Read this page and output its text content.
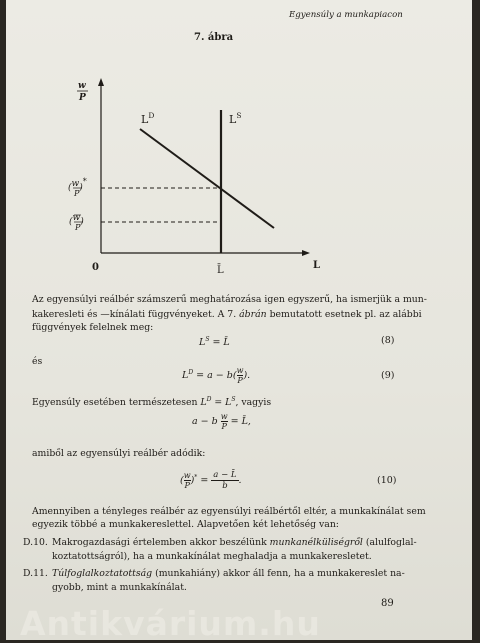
Egyensúly a munkapiacon
7. ábra
w
P
$L^D$	$L^S$
(w)*
P
(w)
P
0	L̄	L
Az egyensúlyi reálbér számszerű meghatározása igen egyszerű, ha ismerjük a mun-
kakeresleti és —kínálati függvényeket. A 7. ábrán bemutatott esetnek pl. az alábbi
függvények felelnek meg:
$L^S$ = L̄	(8)
és
$L^D = a - b( \frac{w}{P}$ ).	(9)
Egyensúly esetében természetesen $L^D = L^S$, vagyis
a − b $\frac{w}{P}$ = L̄,
amiből az egyensúlyi reálbér adódik:
( $\frac{w}{P} )^* = \frac{a - L̄}{b}$ .	(10)
Amennyiben a tényleges reálbér az egyensúlyi reálbértől eltér, a munkakínálat sem
egyezik többé a munkakereslettel. Alapvetően két lehetőség van:
D.10. Makrogazdasági értelemben akkor beszélünk munkanélküliségről (alulfoglal-
koztatottságról), ha a munkakínálat meghaladja a munkakeresletet.
D.11. Túlfoglalkoztatottság (munkahiány) akkor áll fenn, ha a munkakereslet na-
gyobb, mint a munkakínálat.
89
Antikvárium.hu
